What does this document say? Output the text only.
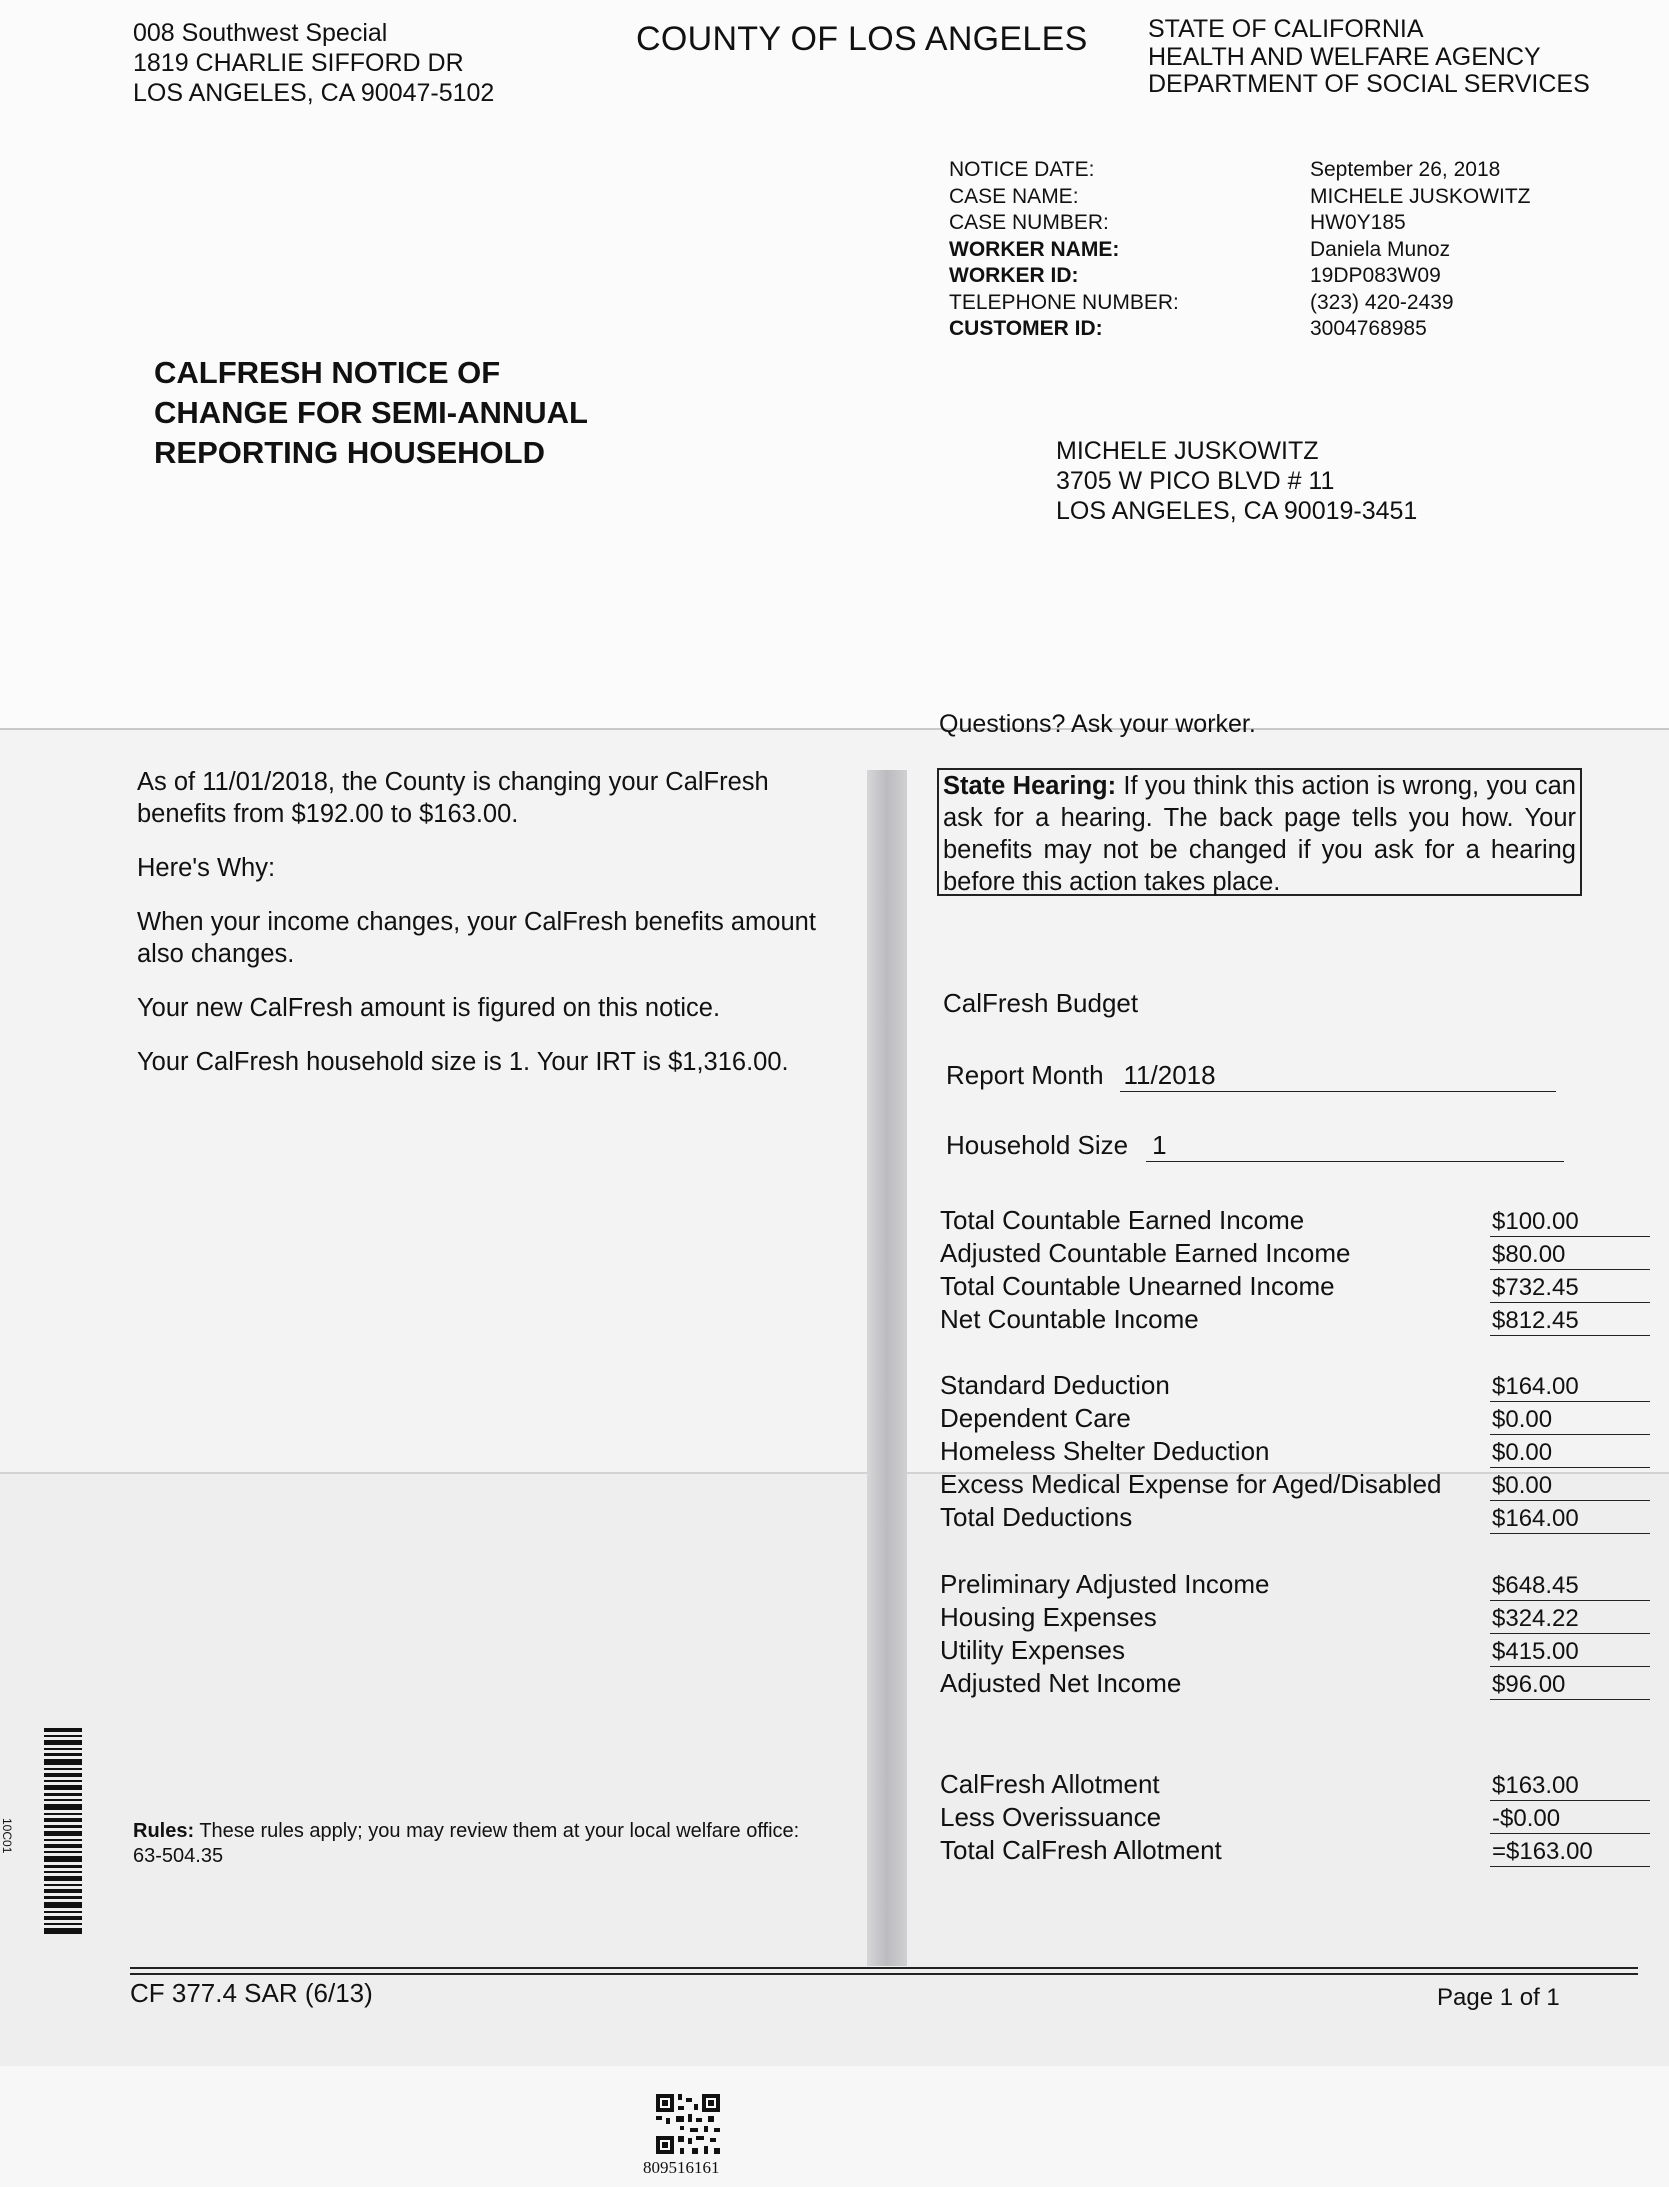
008 Southwest Special
1819 CHARLIE SIFFORD DR
LOS ANGELES, CA 90047-5102
COUNTY OF LOS ANGELES STATE OF CALIFORNIA
HEALTH AND WELFARE AGENCY
DEPARTMENT OF SOCIAL SERVICES
NOTICE DATE:	September 26, 2018
CASE NAME:	MICHELE JUSKOWITZ
CASE NUMBER:	HW0Y185
WORKER NAME:	Daniela Munoz
WORKER ID:	19DP083W09
TELEPHONE NUMBER:	(323) 420-2439
CUSTOMER ID:	3004768985
CALFRESH NOTICE OF
CHANGE FOR SEMI-ANNUAL
REPORTING HOUSEHOLD	MICHELE JUSKOWITZ
3705 W PICO BLVD # 11
LOS ANGELES, CA 90019-3451
Questions? Ask your worker.
State Hearing: If you think this action is wrong, you can ask for a hearing. The back page tells you how. Your benefits may not be changed if you ask for a hearing before this action takes place.

As of 11/01/2018, the County is changing your CalFresh benefits from $192.00 to $163.00.

Here's Why:

When your income changes, your CalFresh benefits amount also changes.

Your new CalFresh amount is figured on this notice.

Your CalFresh household size is 1. Your IRT is $1,316.00.

CalFresh Budget
Report Month 11/2018
Household Size 1
Total Countable Earned Income	$100.00
Adjusted Countable Earned Income	$80.00
Total Countable Unearned Income	$732.45
Net Countable Income	$812.45
Standard Deduction	$164.00
Dependent Care	$0.00
Homeless Shelter Deduction	$0.00
Excess Medical Expense for Aged/Disabled $0.00
Total Deductions	$164.00
Preliminary Adjusted Income	$648.45
Housing Expenses	$324.22
Utility Expenses	$415.00
Adjusted Net Income	$96.00
CalFresh Allotment	$163.00
Less Overissuance	-$0.00
Total CalFresh Allotment	=$163.00
10C01	Rules: These rules apply; you may review them at your local welfare office: 63-504.35
CF 377.4 SAR (6/13)	Page 1 of 1
809516161
